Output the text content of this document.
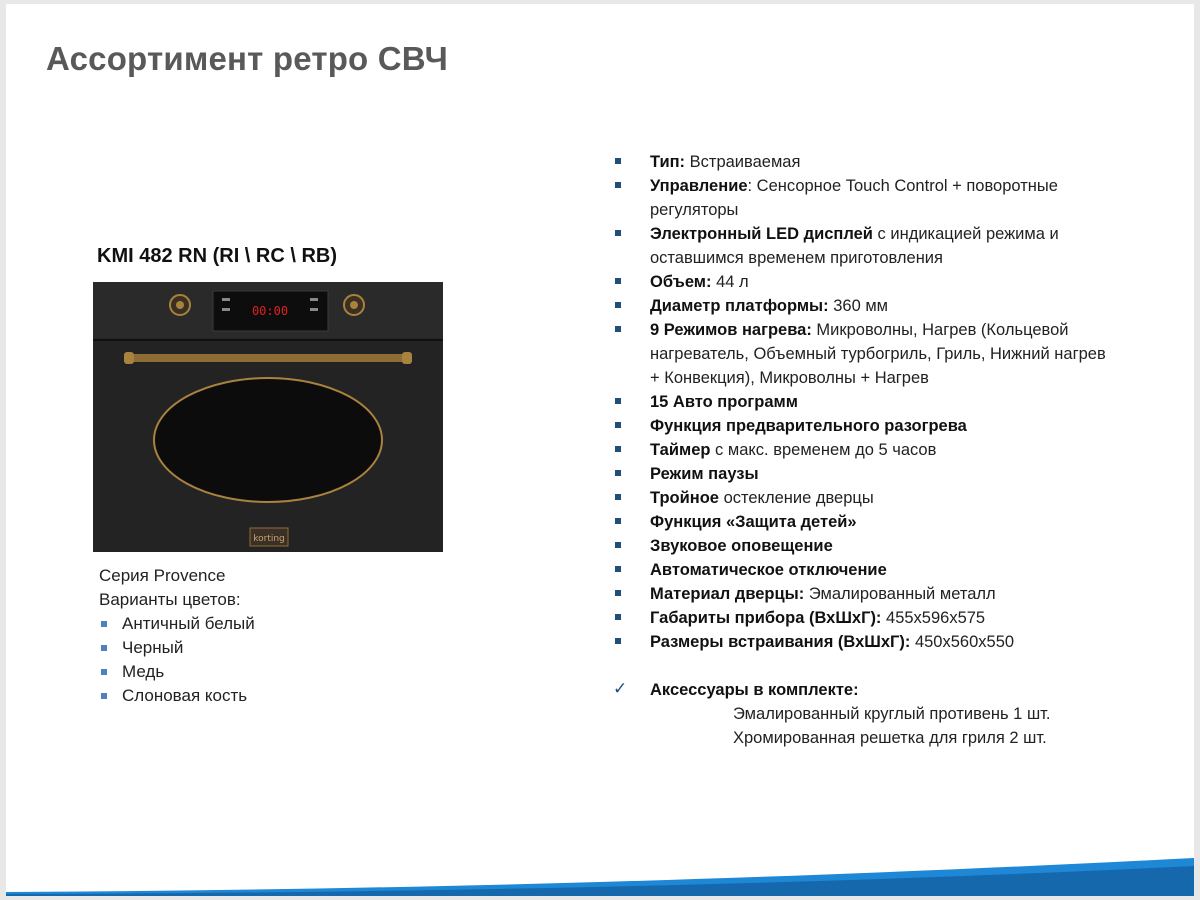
Ассортимент ретро СВЧ
KMI 482 RN (RI \ RC \ RB)
00:00
korting
Серия Provence
Варианты цветов:
Античный белый
Черный
Медь
Слоновая кость
Тип: Встраиваемая
Управление: Сенсорное Touch Control + поворотные регуляторы
Электронный LED дисплей с индикацией режима и оставшимся временем приготовления
Объем: 44 л
Диаметр платформы: 360 мм
9 Режимов нагрева: Микроволны, Нагрев (Кольцевой нагреватель, Объемный турбогриль, Гриль, Нижний нагрев + Конвекция), Микроволны + Нагрев
15 Авто программ
Функция предварительного разогрева
Таймер с макс. временем до 5 часов
Режим паузы
Тройное остекление дверцы
Функция «Защита детей»
Звуковое оповещение
Автоматическое отключение
Материал дверцы: Эмалированный металл
Габариты прибора (ВхШхГ): 455х596х575
Размеры встраивания (ВхШхГ): 450х560х550
✓ Аксессуары в комплекте:
Эмалированный круглый противень 1 шт.
Хромированная решетка для гриля 2 шт.
